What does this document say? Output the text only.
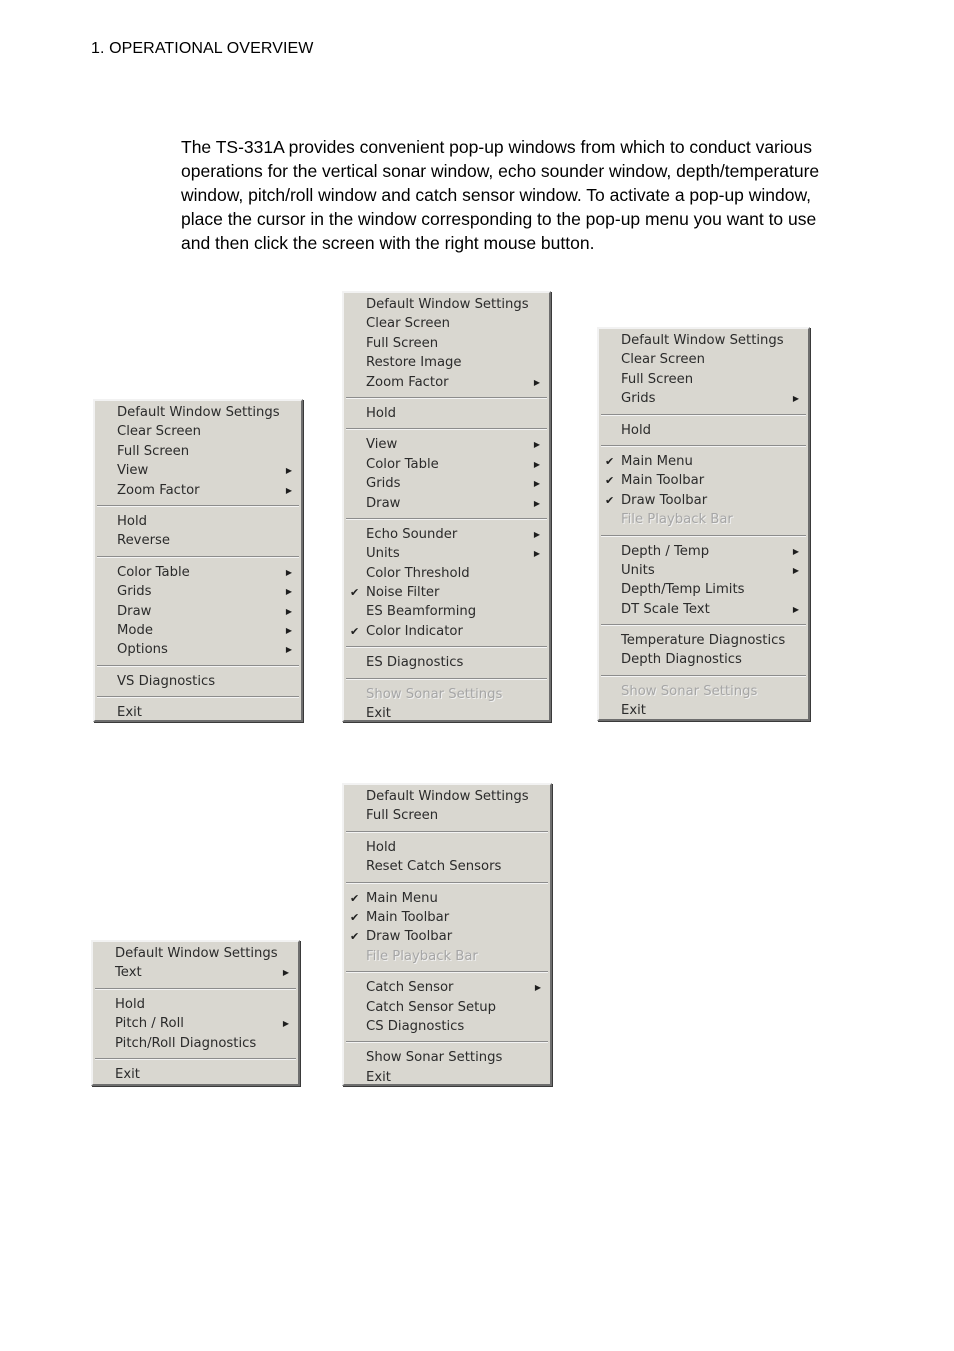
1. OPERATIONAL OVERVIEW
The TS-331A provides convenient pop-up windows from which to conduct various operations for the vertical sonar window, echo sounder window, depth/temperature window, pitch/roll window and catch sensor window. To activate a pop-up window, place the cursor in the window corresponding to the pop-up menu you want to use and then click the screen with the right mouse button.
Default Window Settings
Clear Screen
Full Screen
View	▶
Zoom Factor	▶
Hold
Reverse
Color Table	▶
Grids	▶
Draw	▶
Mode	▶
Options	▶
VS Diagnostics
Exit
Default Window Settings
Clear Screen
Full Screen
Restore Image
Zoom Factor	▶
Hold
View	▶
Color Table	▶
Grids	▶
Draw	▶
Echo Sounder	▶
Units	▶
Color Threshold
✔ Noise Filter
ES Beamforming
✔ Color Indicator
ES Diagnostics
Show Sonar Settings
Exit
Default Window Settings
Clear Screen
Full Screen
Grids	▶
Hold
✔ Main Menu
✔ Main Toolbar
✔ Draw Toolbar
File Playback Bar
Depth / Temp	▶
Units	▶
Depth/Temp Limits
DT Scale Text	▶
Temperature Diagnostics
Depth Diagnostics
Show Sonar Settings
Exit
Default Window Settings
Text	▶
Hold
Pitch / Roll	▶
Pitch/Roll Diagnostics
Exit
Default Window Settings
Full Screen
Hold
Reset Catch Sensors
✔ Main Menu
✔ Main Toolbar
✔ Draw Toolbar
File Playback Bar
Catch Sensor	▶
Catch Sensor Setup
CS Diagnostics
Show Sonar Settings
Exit
